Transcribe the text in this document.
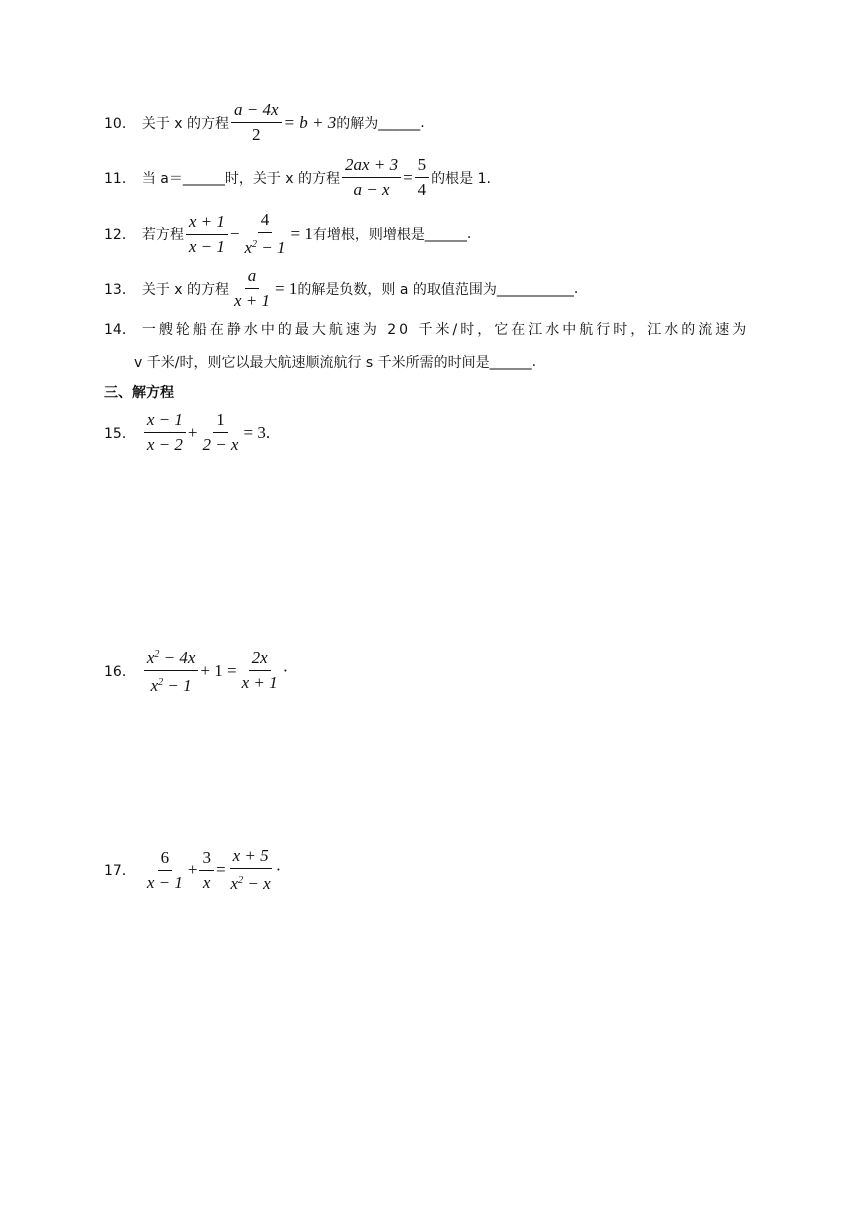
10． 关于 x 的方程 $\frac{a - 4x}{2} = b + 3$ 的解为 ______ .
11． 当 a＝ ______ 时，关于 x 的方程 $\frac{2ax + 3}{a - x} = \frac{5}{4}$ 的根是 1.
12． 若方程 $\frac{x + 1}{x - 1} - \frac{4}{x^2 - 1} = 1$ 有增根，则增根是 ______ .
13． 关于 x 的方程 $\frac{a}{x + 1} = 1$ 的解是负数，则 a 的取值范围为 ___________ .
14． 一艘轮船在静水中的最大航速为 20 千米/时，它在江水中航行时，江水的流速为
v 千米/时，则它以最大航速顺流航行 s 千米所需的时间是 ______ .
三、解方程
15． $\frac{x - 1}{x - 2} + \frac{1}{2 - x} = 3$.
16． $\frac{x^2 - 4x}{x^2 - 1} + 1 = \frac{2x}{x + 1}$ ·
17． $\frac{6}{x - 1} + \frac{3}{x} = \frac{x + 5}{x^2 - x}$ ·
